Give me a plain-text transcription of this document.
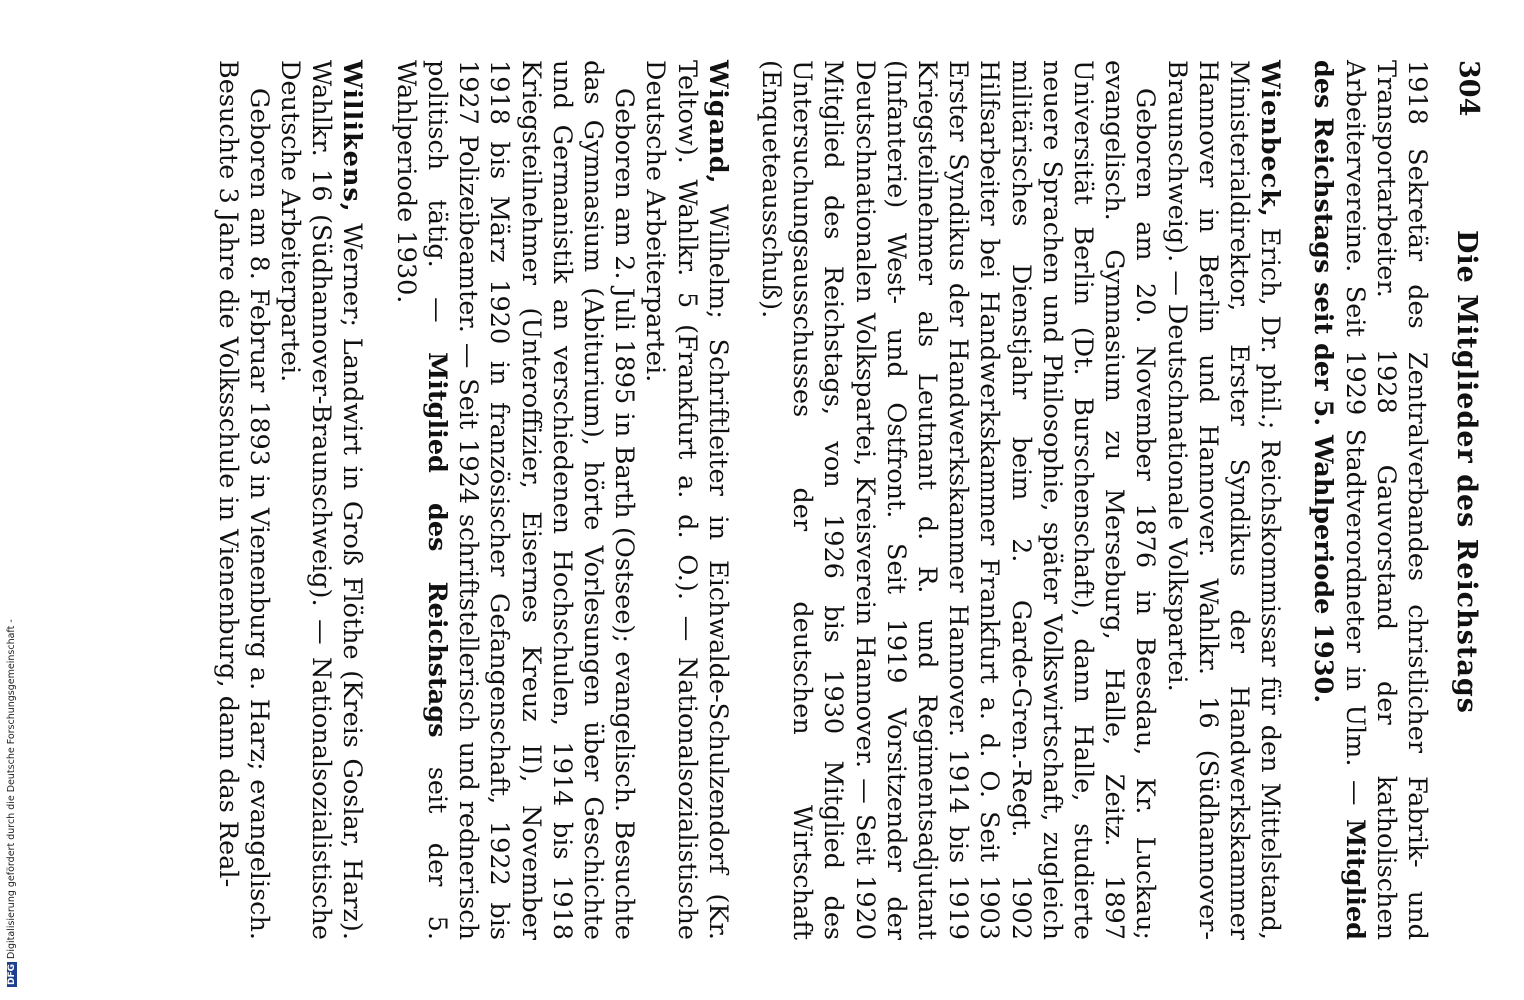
304
Die Mitglieder des Reichstags

1918 Sekretär des Zentralverbandes christlicher Fabrik- und Transportarbeiter. 1928 Gauvorstand der katholischen Arbeitervereine. Seit 1929 Stadtverordneter in Ulm. — Mitglied des Reichstags seit der 5. Wahlperiode 1930.

Wienbeck, Erich, Dr. phil.; Reichskommissar für den Mittelstand, Ministerialdirektor, Erster Syndikus der Handwerkskammer Hannover in Berlin und Hannover. Wahlkr. 16 (Südhannover-Braunschweig). — Deutschnationale Volkspartei.

Geboren am 20. November 1876 in Beesdau, Kr. Luckau; evangelisch. Gymnasium zu Merseburg, Halle, Zeitz. 1897 Universität Berlin (Dt. Burschenschaft), dann Halle, studierte neuere Sprachen und Philosophie, später Volkswirtschaft, zugleich militärisches Dienstjahr beim 2. Garde-Gren.-Regt. 1902 Hilfsarbeiter bei Handwerkskammer Frankfurt a. d. O. Seit 1903 Erster Syndikus der Handwerkskammer Hannover. 1914 bis 1919 Kriegsteilnehmer als Leutnant d. R. und Regimentsadjutant (Infanterie) West- und Ostfront. Seit 1919 Vorsitzender der Deutschnationalen Volkspartei, Kreisverein Hannover. — Seit 1920 Mitglied des Reichstags, von 1926 bis 1930 Mitglied des Untersuchungsausschusses der deutschen Wirtschaft (Enqueteausschuß).

Wigand, Wilhelm; Schriftleiter in Eichwalde-Schulzendorf (Kr. Teltow). Wahlkr. 5 (Frankfurt a. d. O.). — Nationalsozialistische Deutsche Arbeiterpartei.

Geboren am 2. Juli 1895 in Barth (Ostsee); evangelisch. Besuchte das Gymnasium (Abiturium), hörte Vorlesungen über Geschichte und Germanistik an verschiedenen Hochschulen, 1914 bis 1918 Kriegsteilnehmer (Unteroffizier, Eisernes Kreuz II), November 1918 bis März 1920 in französischer Gefangenschaft, 1922 bis 1927 Polizeibeamter. — Seit 1924 schriftstellerisch und rednerisch politisch tätig. — Mitglied des Reichstags seit der 5. Wahlperiode 1930.

Willikens, Werner; Landwirt in Groß Flöthe (Kreis Goslar, Harz). Wahlkr. 16 (Südhannover-Braunschweig). — Nationalsozialistische Deutsche Arbeiterpartei.

Geboren am 8. Februar 1893 in Vienenburg a. Harz; evangelisch. Besuchte 3 Jahre die Volksschule in Vienenburg, dann das Real-

DFGDigitalisierung gefördert durch die Deutsche Forschungsgemeinschaft -
